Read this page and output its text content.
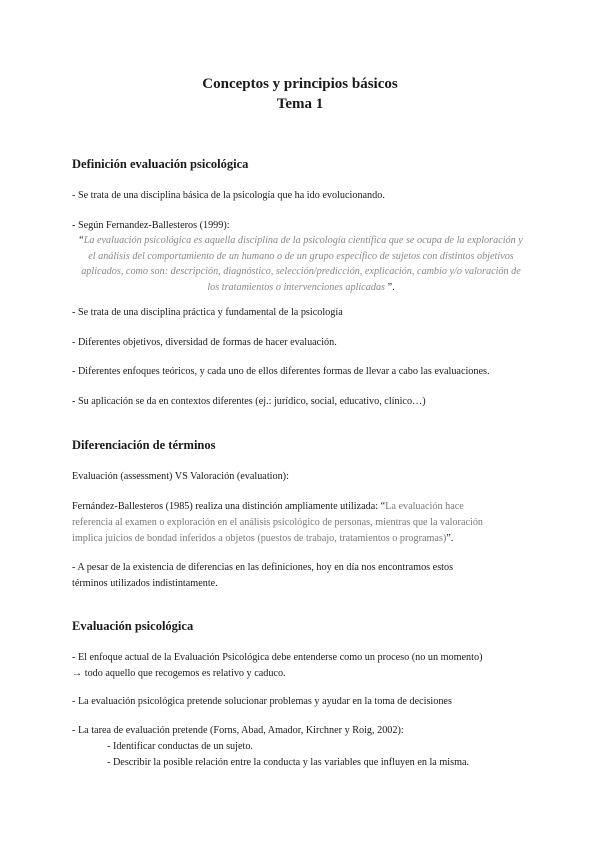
Conceptos y principios básicos
Tema 1
Definición evaluación psicológica
- Se trata de una disciplina básica de la psicología que ha ido evolucionando.
- Según Fernandez-Ballesteros (1999):
“La evaluación psicológica es aquella disciplina de la psicología científica que se ocupa de la exploración y el análisis del comportamiento de un humano o de un grupo específico de sujetos con distintos objetivos aplicados, como son: descripción, diagnóstico, selección/predicción, explicación, cambio y/o valoración de los tratamientos o intervenciones aplicadas ”.
- Se trata de una disciplina práctica y fundamental de la psicología
- Diferentes objetivos, diversidad de formas de hacer evaluación.
- Diferentes enfoques teóricos, y cada uno de ellos diferentes formas de llevar a cabo las evaluaciones.
- Su aplicación se da en contextos diferentes (ej.: jurídico, social, educativo, clínico…)
Diferenciación de términos
Evaluación (assessment) VS Valoración (evaluation):
Fernández-Ballesteros (1985) realiza una distinción ampliamente utilizada: “La evaluación hace
referencia al examen o exploración en el análisis psicológico de personas, mientras que la valoración
implica juicios de bondad inferidos a objetos (puestos de trabajo, tratamientos o programas)”.
- A pesar de la existencia de diferencias en las definiciones, hoy en día nos encontramos estos
términos utilizados indistintamente.
Evaluación psicológica
- El enfoque actual de la Evaluación Psicológica debe entenderse como un proceso (no un momento)
→ todo aquello que recogemos es relativo y caduco.
- La evaluación psicológica pretende solucionar problemas y ayudar en la toma de decisiones
- La tarea de evaluación pretende (Forns, Abad, Amador, Kirchner y Roig, 2002):
- Identificar conductas de un sujeto.
- Describir la posible relación entre la conducta y las variables que influyen en la misma.
